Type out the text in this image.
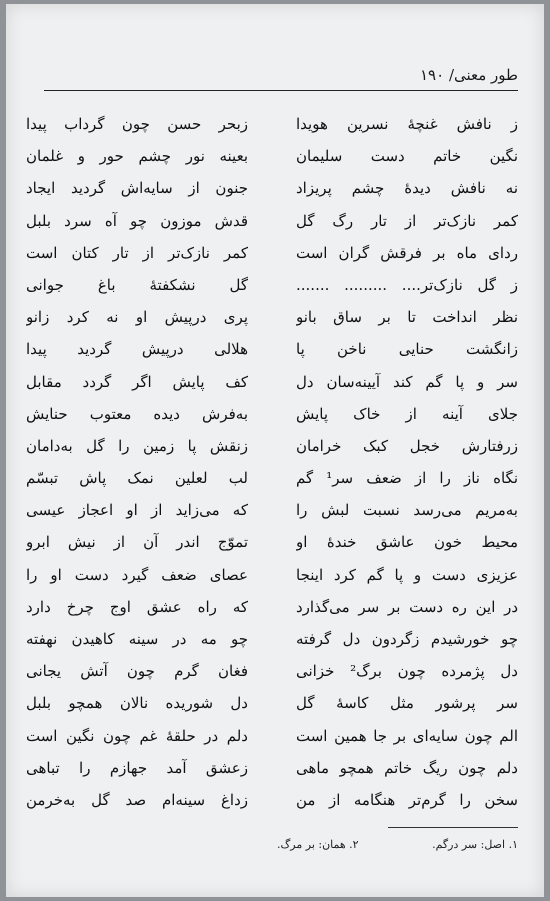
طور معنی/ ۱۹۰
ز نافش غنچهٔ نسرین هویدا
نگین خاتم دست سلیمان
نه نافش دیدهٔ چشم پریزاد
کمر نازک‌تر از تار رگ گل
ردای ماه بر فرقش گران است
ز گل نازک‌تر.... ......... .......
نظر انداخت تا بر ساق بانو
زانگشت حنایی ناخن پا
سر و پا گم کند آیینه‌سان دل
جلای آینه از خاک پایش
زرفتارش خجل کبک خرامان
نگاه ناز را از ضعف سر¹ گم
به‌مریم می‌رسد نسبت لبش را
محیط خون عاشق خندهٔ او
عزیزی دست و پا گم کرد اینجا
در این ره دست بر سر می‌گذارد
چو خورشیدم زگردون دل گرفته
دل پژمرده چون برگ² خزانی
سر پرشور مثل کاسهٔ گل
الم چون سایه‌ای بر جا همین است
دلم چون ریگ خاتم همچو ماهی
سخن را گرم‌تر هنگامه از من
زبحر حسن چون گرداب پیدا
بعینه نور چشم حور و غلمان
جنون از سایه‌اش گردید ایجاد
قدش موزون چو آه سرد بلبل
کمر نازک‌تر از تار کتان است
گل نشکفتهٔ باغ جوانی
پری درپیش او نه کرد زانو
هلالی درپیش گردید پیدا
کف پایش اگر گردد مقابل
به‌فرش دیده معتوب حنایش
زنقش پا زمین را گل به‌دامان
لب لعلین نمک پاش تبسّم
که می‌زاید از او اعجاز عیسی
تموّج اندر آن از نیش ابرو
عصای ضعف گیرد دست او را
که راه عشق اوج چرخ دارد
چو مه در سینه کاهیدن نهفته
فغان گرم چون آتش یجانی
دل شوریده نالان همچو بلبل
دلم در حلقهٔ غم چون نگین است
زعشق آمد جهازم را تباهی
زداغ سینه‌ام صد گل به‌خرمن
۱. اصل: سر درگم. ۲. همان: بر مرگ.
